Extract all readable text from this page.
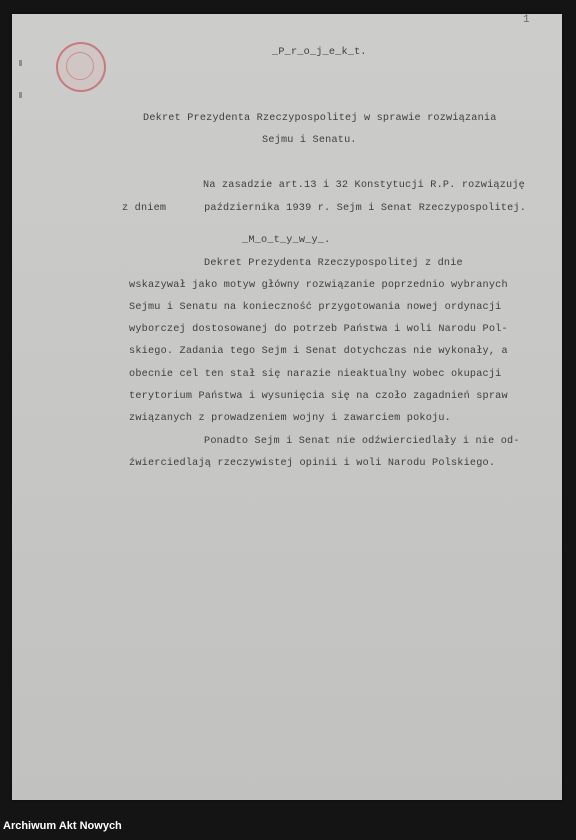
1
_P_r_o_j_e_k_t.
Dekret Prezydenta Rzeczypospolitej w sprawie rozwiązania
Sejmu i Senatu.
Na zasadzie art.13 i 32 Konstytucji R.P. rozwiązuję
z dniem      października 1939 r. Sejm i Senat Rzeczypospolitej.
_M_o_t_y_w_y_.
Dekret Prezydenta Rzeczypospolitej z dnie
wskazywał jako motyw główny rozwiązanie poprzednio wybranych
Sejmu i Senatu na konieczność przygotowania nowej ordynacji
wyborczej dostosowanej do potrzeb Państwa i woli Narodu Pol-
skiego. Zadania tego Sejm i Senat dotychczas nie wykonały, a
obecnie cel ten stał się narazie nieaktualny wobec okupacji
terytorium Państwa i wysunięcia się na czoło zagadnień spraw
związanych z prowadzeniem wojny i zawarciem pokoju.
Ponadto Sejm i Senat nie odźwierciedlały i nie od-
źwierciedlają rzeczywistej opinii i woli Narodu Polskiego.
Archiwum Akt Nowych
